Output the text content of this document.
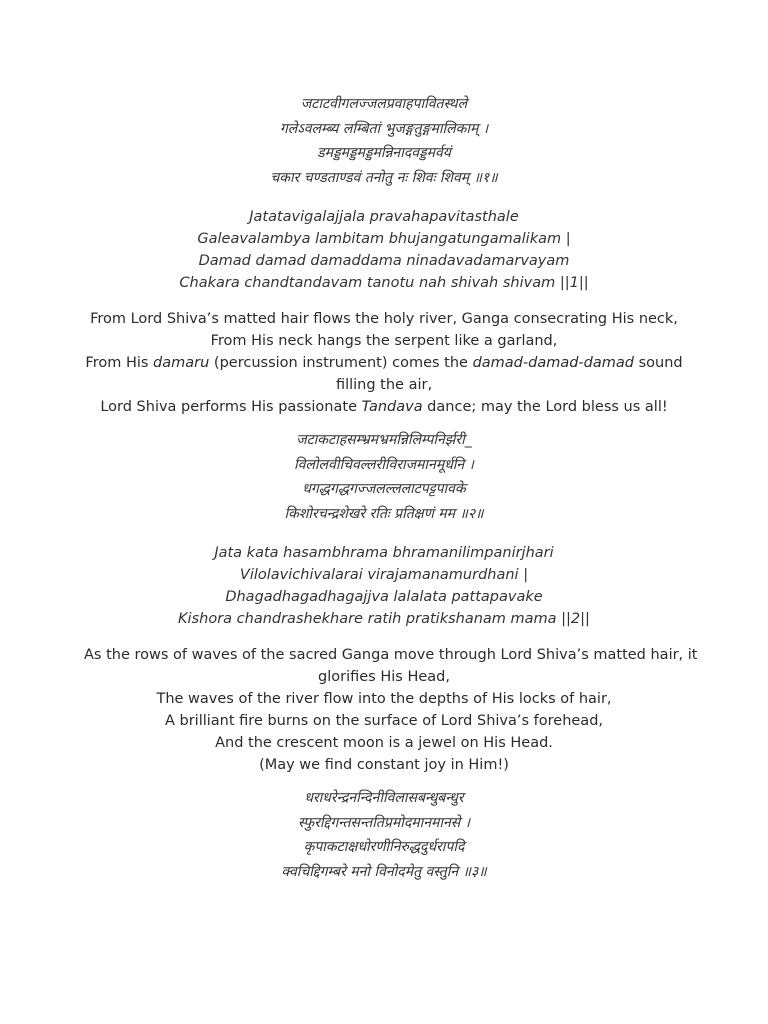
जटाटवीगलज्जलप्रवाहपावितस्थले
गलेऽवलम्ब्य लम्बितां भुजङ्गतुङ्गमालिकाम् ।
डमड्डमड्डमड्डमन्निनादवड्डमर्वयं
चकार चण्डताण्डवं तनोतु नः शिवः शिवम् ॥१॥
Jatatavigalajjala pravahapavitasthale
Galeavalambya lambitam bhujangatungamalikam |
Damad damad damaddama ninadavadamarvayam
Chakara chandtandavam tanotu nah shivah shivam ||1||
From Lord Shiva’s matted hair flows the holy river, Ganga consecrating His neck,
From His neck hangs the serpent like a garland,
From His damaru (percussion instrument) comes the damad-damad-damad sound
filling the air,
Lord Shiva performs His passionate Tandava dance; may the Lord bless us all!
जटाकटाहसम्भ्रमभ्रमन्निलिम्पनिर्झरी_
विलोलवीचिवल्लरीविराजमानमूर्धनि ।
धगद्धगद्धगज्जलल्ललाटपट्टपावके
किशोरचन्द्रशेखरे रतिः प्रतिक्षणं मम ॥२॥
Jata kata hasambhrama bhramanilimpanirjhari
Vilolavichivalarai virajamanamurdhani |
Dhagadhagadhagajjva lalalata pattapavake
Kishora chandrashekhare ratih pratikshanam mama ||2||
As the rows of waves of the sacred Ganga move through Lord Shiva’s matted hair, it
glorifies His Head,
The waves of the river flow into the depths of His locks of hair,
A brilliant fire burns on the surface of Lord Shiva’s forehead,
And the crescent moon is a jewel on His Head.
(May we find constant joy in Him!)
धराधरेन्द्रनन्दिनीविलासबन्धुबन्धुर
स्फुरद्दिगन्तसन्ततिप्रमोदमानमानसे ।
कृपाकटाक्षधोरणीनिरुद्धदुर्धरापदि
क्वचिद्दिगम्बरे मनो विनोदमेतु वस्तुनि ॥३॥
